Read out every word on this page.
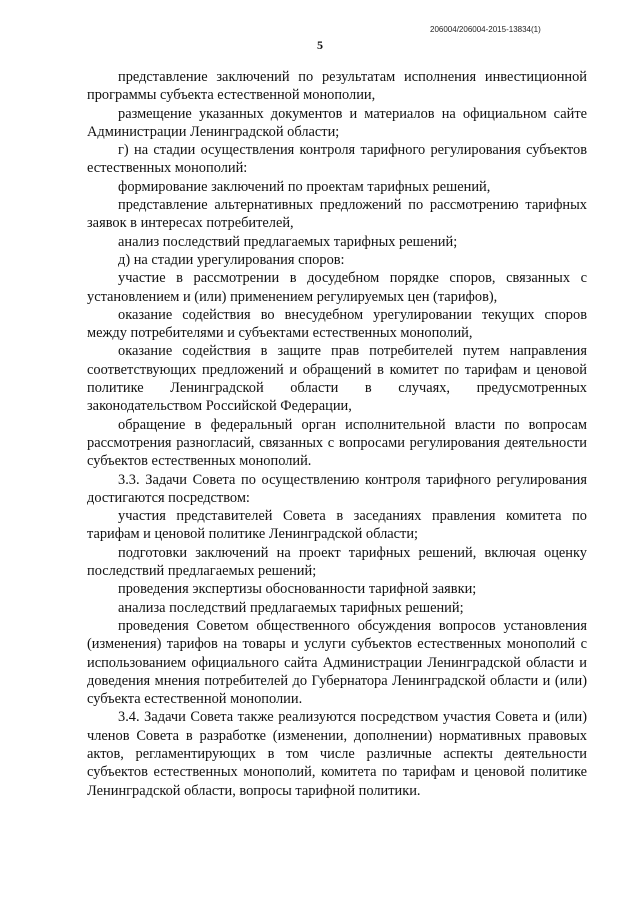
206004/206004-2015-13834(1)
5

представление заключений по результатам исполнения инвестиционной программы субъекта естественной монополии,

размещение указанных документов и материалов на официальном сайте Администрации Ленинградской области;

г) на стадии осуществления контроля тарифного регулирования субъектов естественных монополий:

формирование заключений по проектам тарифных решений,

представление альтернативных предложений по рассмотрению тарифных заявок в интересах потребителей,

анализ последствий предлагаемых тарифных решений;

д) на стадии урегулирования споров:

участие в рассмотрении в досудебном порядке споров, связанных с установлением и (или) применением регулируемых цен (тарифов),

оказание содействия во внесудебном урегулировании текущих споров между потребителями и субъектами естественных монополий,

оказание содействия в защите прав потребителей путем направления соответствующих предложений и обращений в комитет по тарифам и ценовой политике Ленинградской области в случаях, предусмотренных законодательством Российской Федерации,

обращение в федеральный орган исполнительной власти по вопросам рассмотрения разногласий, связанных с вопросами регулирования деятельности субъектов естественных монополий.

3.3. Задачи Совета по осуществлению контроля тарифного регулирования достигаются посредством:

участия представителей Совета в заседаниях правления комитета по тарифам и ценовой политике Ленинградской области;

подготовки заключений на проект тарифных решений, включая оценку последствий предлагаемых решений;

проведения экспертизы обоснованности тарифной заявки;

анализа последствий предлагаемых тарифных решений;

проведения Советом общественного обсуждения вопросов установления (изменения) тарифов на товары и услуги субъектов естественных монополий с использованием официального сайта Администрации Ленинградской области и доведения мнения потребителей до Губернатора Ленинградской области и (или) субъекта естественной монополии.

3.4. Задачи Совета также реализуются посредством участия Совета и (или) членов Совета в разработке (изменении, дополнении) нормативных правовых актов, регламентирующих в том числе различные аспекты деятельности субъектов естественных монополий, комитета по тарифам и ценовой политике Ленинградской области, вопросы тарифной политики.
